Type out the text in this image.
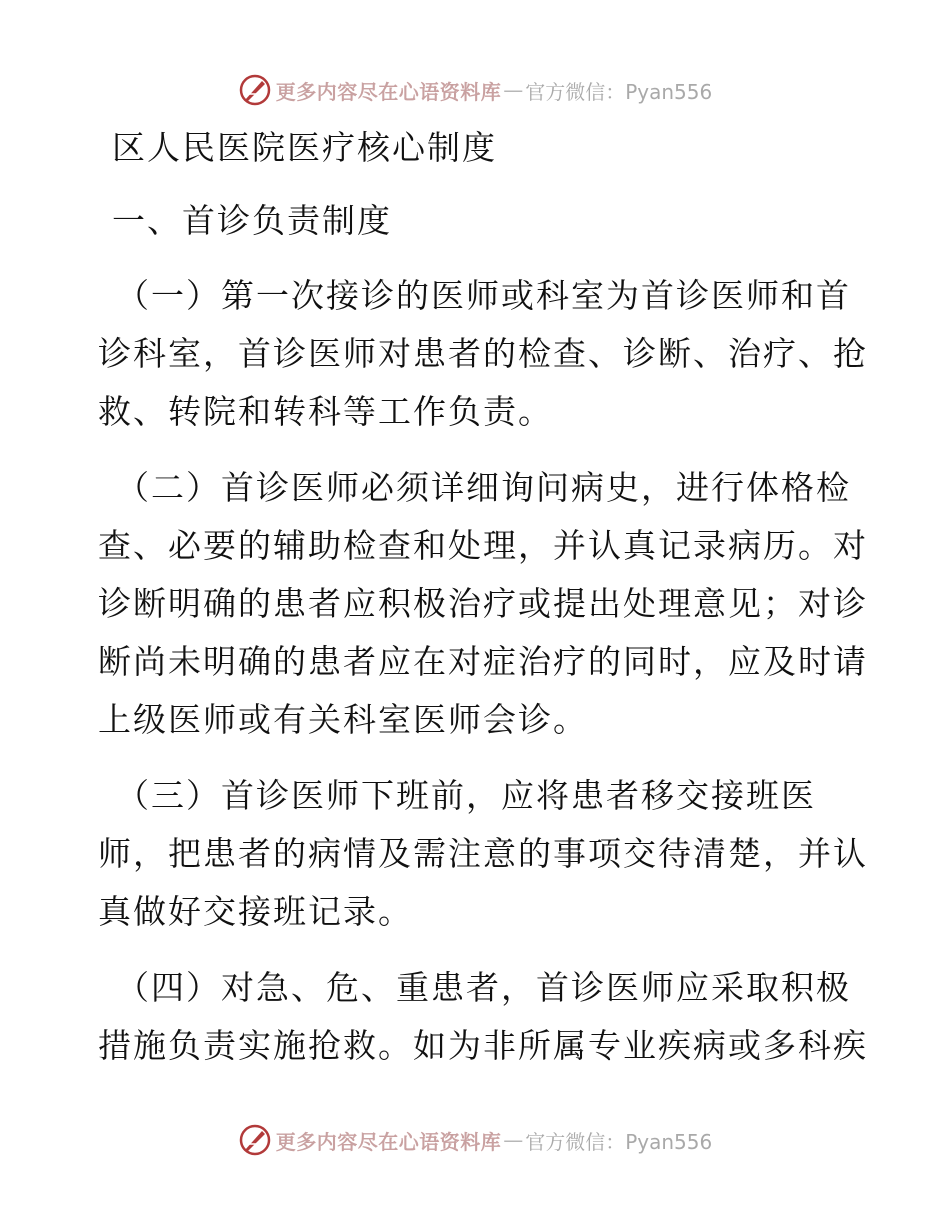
更多内容尽在心语资料库 — 官方微信：Pyan556
区人民医院医疗核心制度
一、首诊负责制度
（一）第一次接诊的医师或科室为首诊医师和首
诊科室，首诊医师对患者的检查、诊断、治疗、抢
救、转院和转科等工作负责。
（二）首诊医师必须详细询问病史，进行体格检
查、必要的辅助检查和处理，并认真记录病历。对
诊断明确的患者应积极治疗或提出处理意见；对诊
断尚未明确的患者应在对症治疗的同时，应及时请
上级医师或有关科室医师会诊。
（三）首诊医师下班前，应将患者移交接班医
师，把患者的病情及需注意的事项交待清楚，并认
真做好交接班记录。
（四）对急、危、重患者，首诊医师应采取积极
措施负责实施抢救。如为非所属专业疾病或多科疾
更多内容尽在心语资料库 — 官方微信：Pyan556
